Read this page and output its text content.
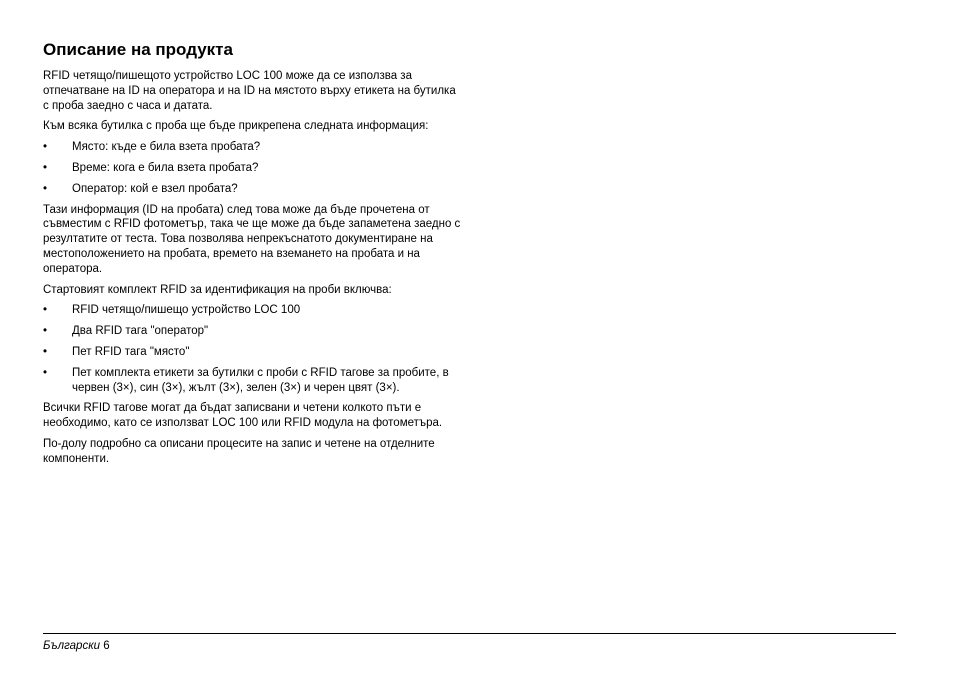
Описание на продукта

RFID четящо/пишещото устройство LOC 100 може да се използва за отпечатване на ID на оператора и на ID на мястото върху етикета на бутилка с проба заедно с часа и датата.

Към всяка бутилка с проба ще бъде прикрепена следната информация:

• Място: къде е била взета пробата?
• Време: кога е била взета пробата?
• Оператор: кой е взел пробата?

Тази информация (ID на пробата) след това може да бъде прочетена от съвместим с RFID фотометър, така че ще може да бъде запаметена заедно с резултатите от теста. Това позволява непрекъснатото документиране на местоположението на пробата, времето на вземането на пробата и на оператора.

Стартовият комплект RFID за идентификация на проби включва:

• RFID четящо/пишещо устройство LOC 100
• Два RFID тага "оператор"
• Пет RFID тага "място"
• Пет комплекта етикети за бутилки с проби с RFID тагове за пробите, в червен (3×), син (3×), жълт (3×), зелен (3×) и черен цвят (3×).

Всички RFID тагове могат да бъдат записвани и четени колкото пъти е необходимо, като се използват LOC 100 или RFID модула на фотометъра.

По-долу подробно са описани процесите на запис и четене на отделните компоненти.

Български 6
